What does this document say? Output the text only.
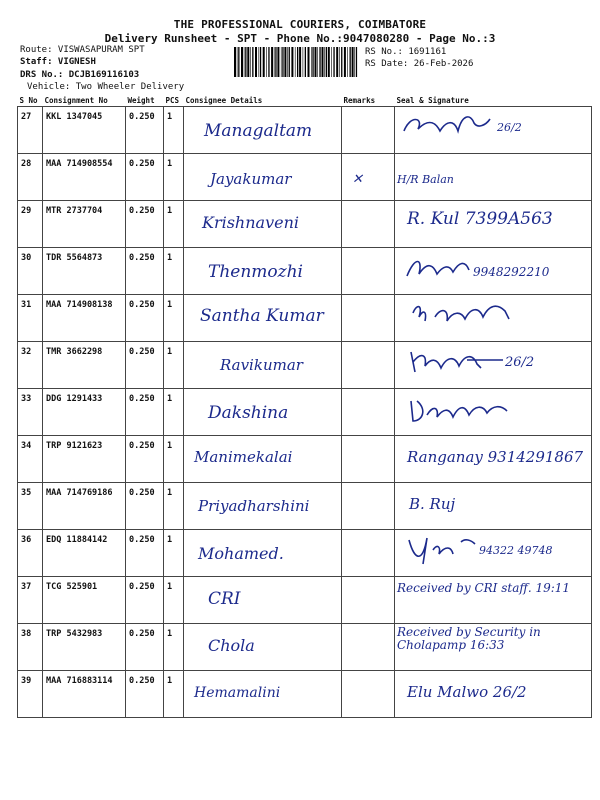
THE PROFESSIONAL COURIERS, COIMBATORE
Delivery Runsheet - SPT - Phone No.:9047080280 - Page No.:3
Route: VISWASAPURAM SPT
Staff: VIGNESH
DRS No.: DCJB169116103
Vehicle: Two Wheeler Delivery
RS No.: 1691161
RS Date: 26-Feb-2026
S No	Consignment No	Weight	PCS	Consignee Details	Remarks	Seal & Signature
27	KKL 1347045	0.250	1	Managaltam		26/2

28	MAA 714908554	0.250	1	Jayakumar	✕	H/R Balan

29	MTR 2737704	0.250	1	Krishnaveni		R. Kul 7399A563

30	TDR 5564873	0.250	1	Thenmozhi		9948292210

31	MAA 714908138	0.250	1	Santha Kumar

32	TMR 3662298	0.250	1	Ravikumar		26/2

33	DDG 1291433	0.250	1	Dakshina

34	TRP 9121623	0.250	1	Manimekalai		Ranganay 9314291867

35	MAA 714769186	0.250	1	Priyadharshini		B. Ruj

36	EDQ 11884142	0.250	1	Mohamed.		94322 49748

37	TCG 525901	0.250	1	CRI		Received by CRI staff. 19:11

38	TRP 5432983	0.250	1	Chola		Received by Security in Cholapamp 16:33

39	MAA 716883114	0.250	1	Hemamalini		Elu Malwo 26/2
